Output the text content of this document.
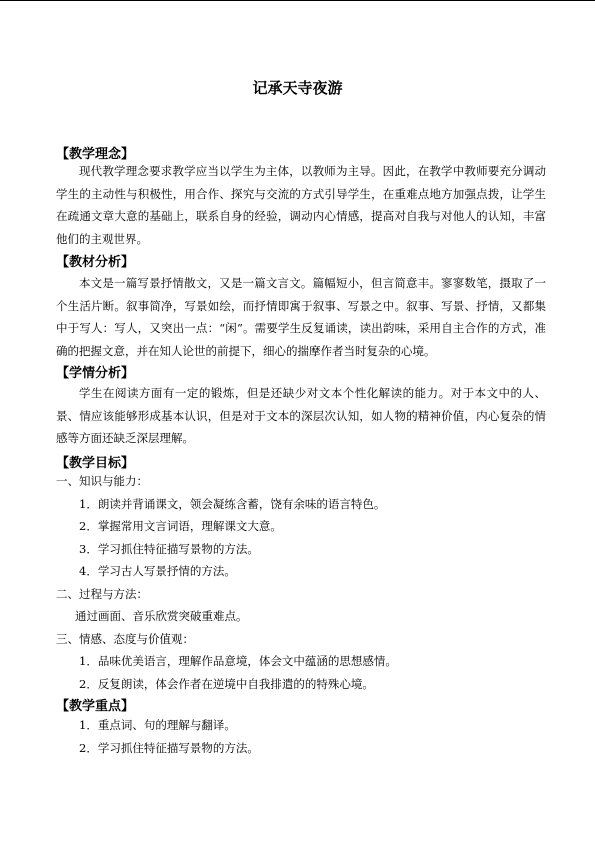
记承天寺夜游
【教学理念】
现代教学理念要求教学应当以学生为主体，以教师为主导。因此，在教学中教师要充分调动学生的主动性与积极性，用合作、探究与交流的方式引导学生，在重难点地方加强点拨，让学生在疏通文章大意的基础上，联系自身的经验，调动内心情感，提高对自我与对他人的认知，丰富他们的主观世界。
【教材分析】
本文是一篇写景抒情散文，又是一篇文言文。篇幅短小，但言简意丰。寥寥数笔，摄取了一个生活片断。叙事简净，写景如绘，而抒情即寓于叙事、写景之中。叙事、写景、抒情，又都集中于写人：写人，又突出一点：“闲”。需要学生反复诵读，读出韵味，采用自主合作的方式，准确的把握文意，并在知人论世的前提下，细心的揣摩作者当时复杂的心境。
【学情分析】
学生在阅读方面有一定的锻炼，但是还缺少对文本个性化解读的能力。对于本文中的人、景、情应该能够形成基本认识，但是对于文本的深层次认知，如人物的精神价值，内心复杂的情感等方面还缺乏深层理解。
【教学目标】
一、知识与能力：
1．朗读并背诵课文，领会凝练含蓄，饶有余味的语言特色。
2．掌握常用文言词语，理解课文大意。
3．学习抓住特征描写景物的方法。
4．学习古人写景抒情的方法。
二、过程与方法：
通过画面、音乐欣赏突破重难点。
三、情感、态度与价值观：
1．品味优美语言，理解作品意境，体会文中蕴涵的思想感情。
2．反复朗读，体会作者在逆境中自我排遣的的特殊心境。
【教学重点】
1．重点词、句的理解与翻译。
2．学习抓住特征描写景物的方法。
